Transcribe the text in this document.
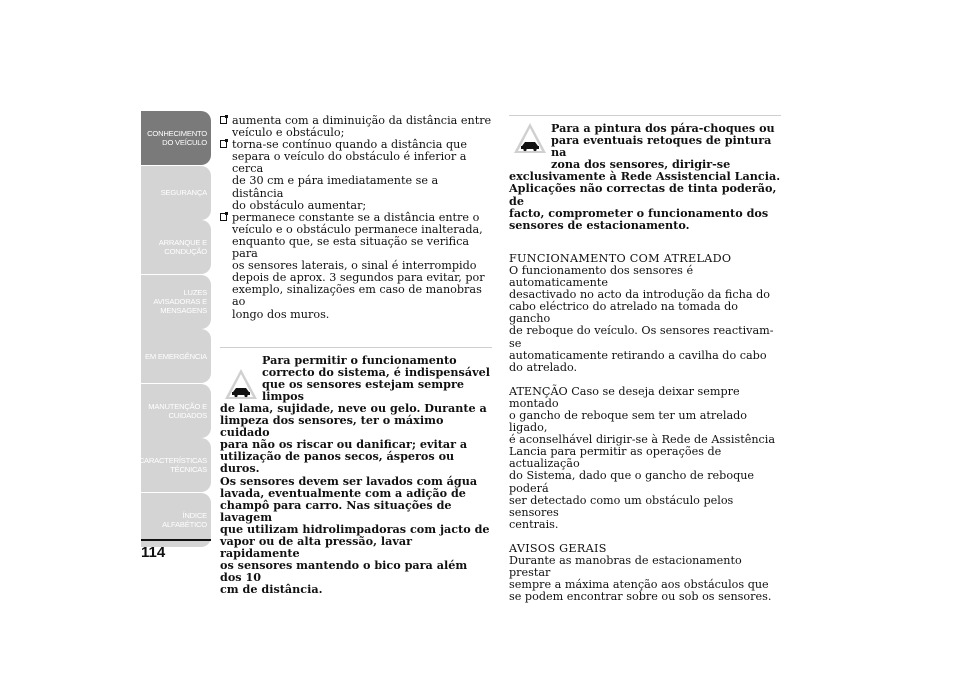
CONHECIMENTO
DO VEÍCULO
SEGURANÇA
ARRANQUE E
CONDUÇÃO
LUZES
AVISADORAS E
MENSAGENS
EM EMERGÊNCIA
MANUTENÇÃO E
CUIDADOS
CARACTERÍSTICAS
TÉCNICAS
ÍNDICE
ALFABÉTICO
114
aumenta com a diminuição da distância entre
veículo e obstáculo;
torna-se contínuo quando a distância que
separa o veículo do obstáculo é inferior a cerca
de 30 cm e pára imediatamente se a distância
do obstáculo aumentar;
permanece constante se a distância entre o
veículo e o obstáculo permanece inalterada,
enquanto que, se esta situação se verifica para
os sensores laterais, o sinal é interrompido
depois de aprox. 3 segundos para evitar, por
exemplo, sinalizações em caso de manobras ao
longo dos muros.
Para permitir o funcionamento
correcto do sistema, é indispensável
que os sensores estejam sempre limpos
de lama, sujidade, neve ou gelo. Durante a
limpeza dos sensores, ter o máximo cuidado
para não os riscar ou danificar; evitar a
utilização de panos secos, ásperos ou duros.
Os sensores devem ser lavados com água
lavada, eventualmente com a adição de
champô para carro. Nas situações de lavagem
que utilizam hidrolimpadoras com jacto de
vapor ou de alta pressão, lavar rapidamente
os sensores mantendo o bico para além dos 10
cm de distância.
Para a pintura dos pára-choques ou
para eventuais retoques de pintura na
zona dos sensores, dirigir-se
exclusivamente à Rede Assistencial Lancia.
Aplicações não correctas de tinta poderão, de
facto, comprometer o funcionamento dos
sensores de estacionamento.
FUNCIONAMENTO COM ATRELADO

O funcionamento dos sensores é automaticamente
desactivado no acto da introdução da ficha do
cabo eléctrico do atrelado na tomada do gancho
de reboque do veículo. Os sensores reactivam-se
automaticamente retirando a cavilha do cabo
do atrelado.

ATENÇÃO Caso se deseja deixar sempre montado
o gancho de reboque sem ter um atrelado ligado,
é aconselhável dirigir-se à Rede de Assistência
Lancia para permitir as operações de actualização
do Sistema, dado que o gancho de reboque poderá
ser detectado como um obstáculo pelos sensores
centrais.

AVISOS GERAIS

Durante as manobras de estacionamento prestar
sempre a máxima atenção aos obstáculos que
se podem encontrar sobre ou sob os sensores.
